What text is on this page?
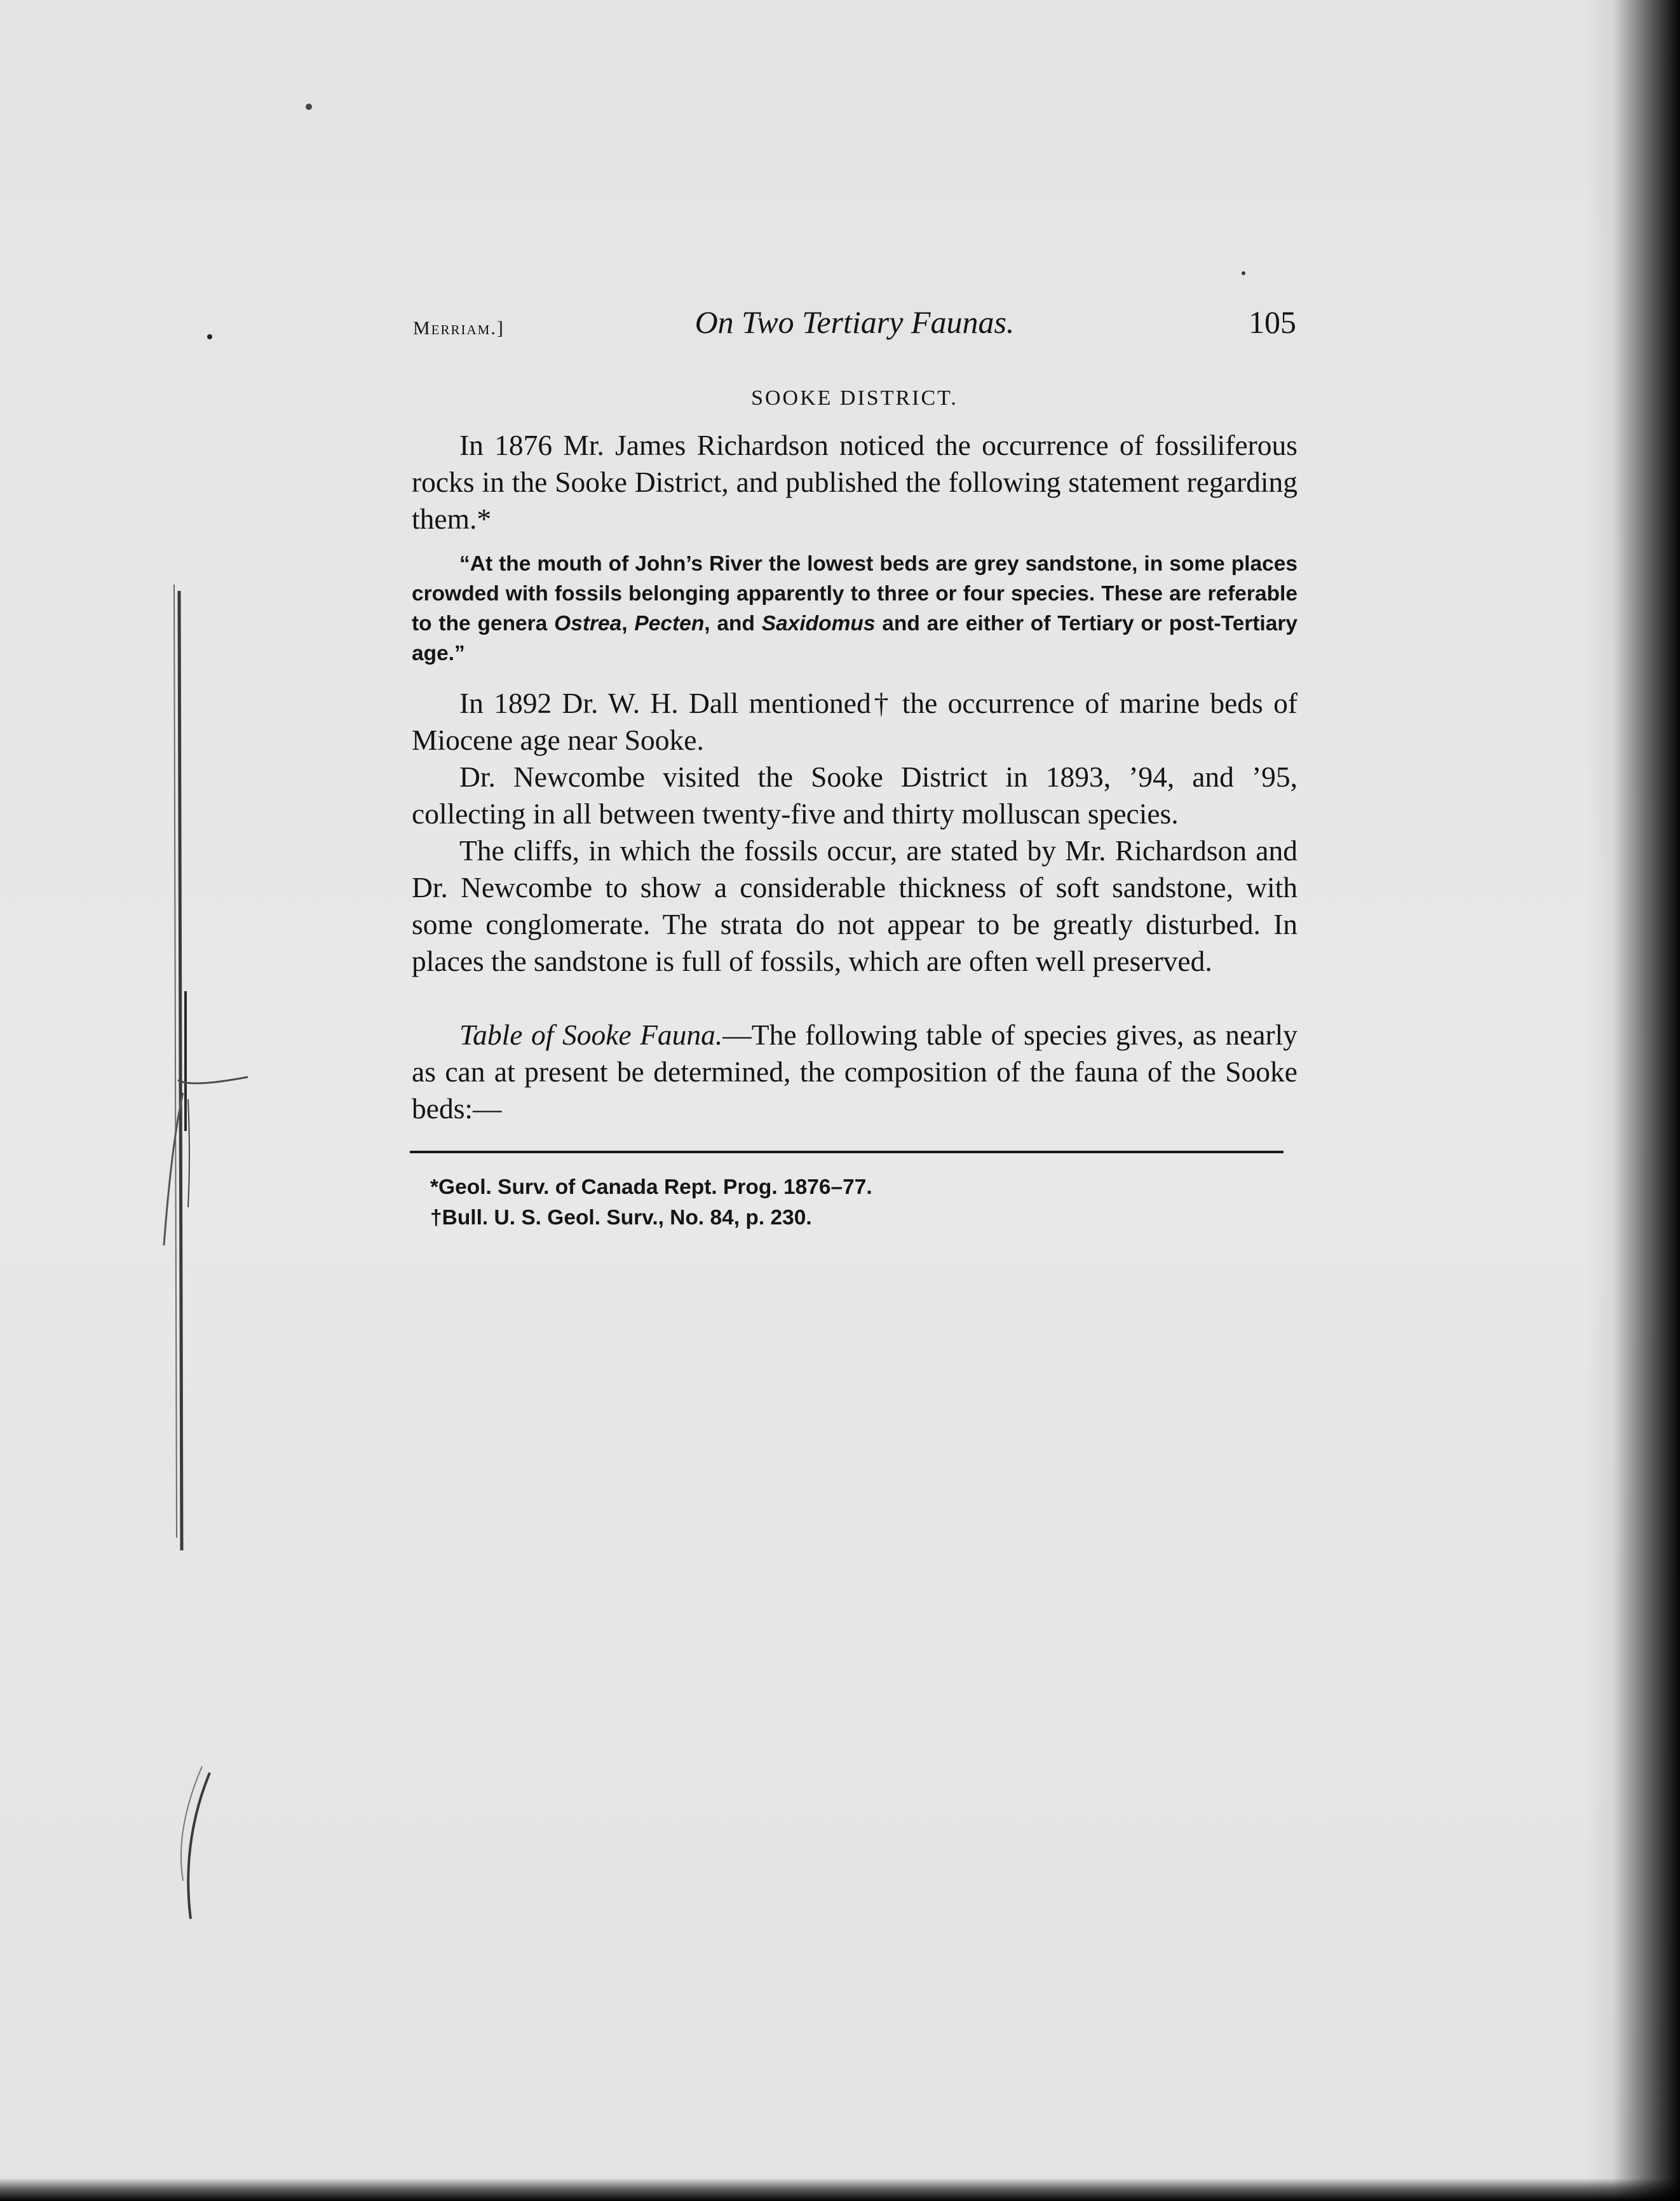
Merriam.]	On Two Tertiary Faunas.	105
SOOKE DISTRICT.

In 1876 Mr. James Richardson noticed the occurrence of fossiliferous rocks in the Sooke District, and published the following statement regarding them.*

“At the mouth of John’s River the lowest beds are grey sandstone, in some places crowded with fossils belonging apparently to three or four species. These are referable to the genera Ostrea, Pecten, and Saxidomus and are either of Tertiary or post-Tertiary age.”

In 1892 Dr. W. H. Dall mentioned† the occurrence of marine beds of Miocene age near Sooke.

Dr. Newcombe visited the Sooke District in 1893, ’94, and ’95, collecting in all between twenty-five and thirty molluscan species.

The cliffs, in which the fossils occur, are stated by Mr. Richardson and Dr. Newcombe to show a considerable thickness of soft sandstone, with some conglomerate. The strata do not appear to be greatly disturbed. In places the sandstone is full of fossils, which are often well preserved.

Table of Sooke Fauna.—The following table of species gives, as nearly as can at present be determined, the composition of the fauna of the Sooke beds:—

*Geol. Surv. of Canada Rept. Prog. 1876–77.
†Bull. U. S. Geol. Surv., No. 84, p. 230.
